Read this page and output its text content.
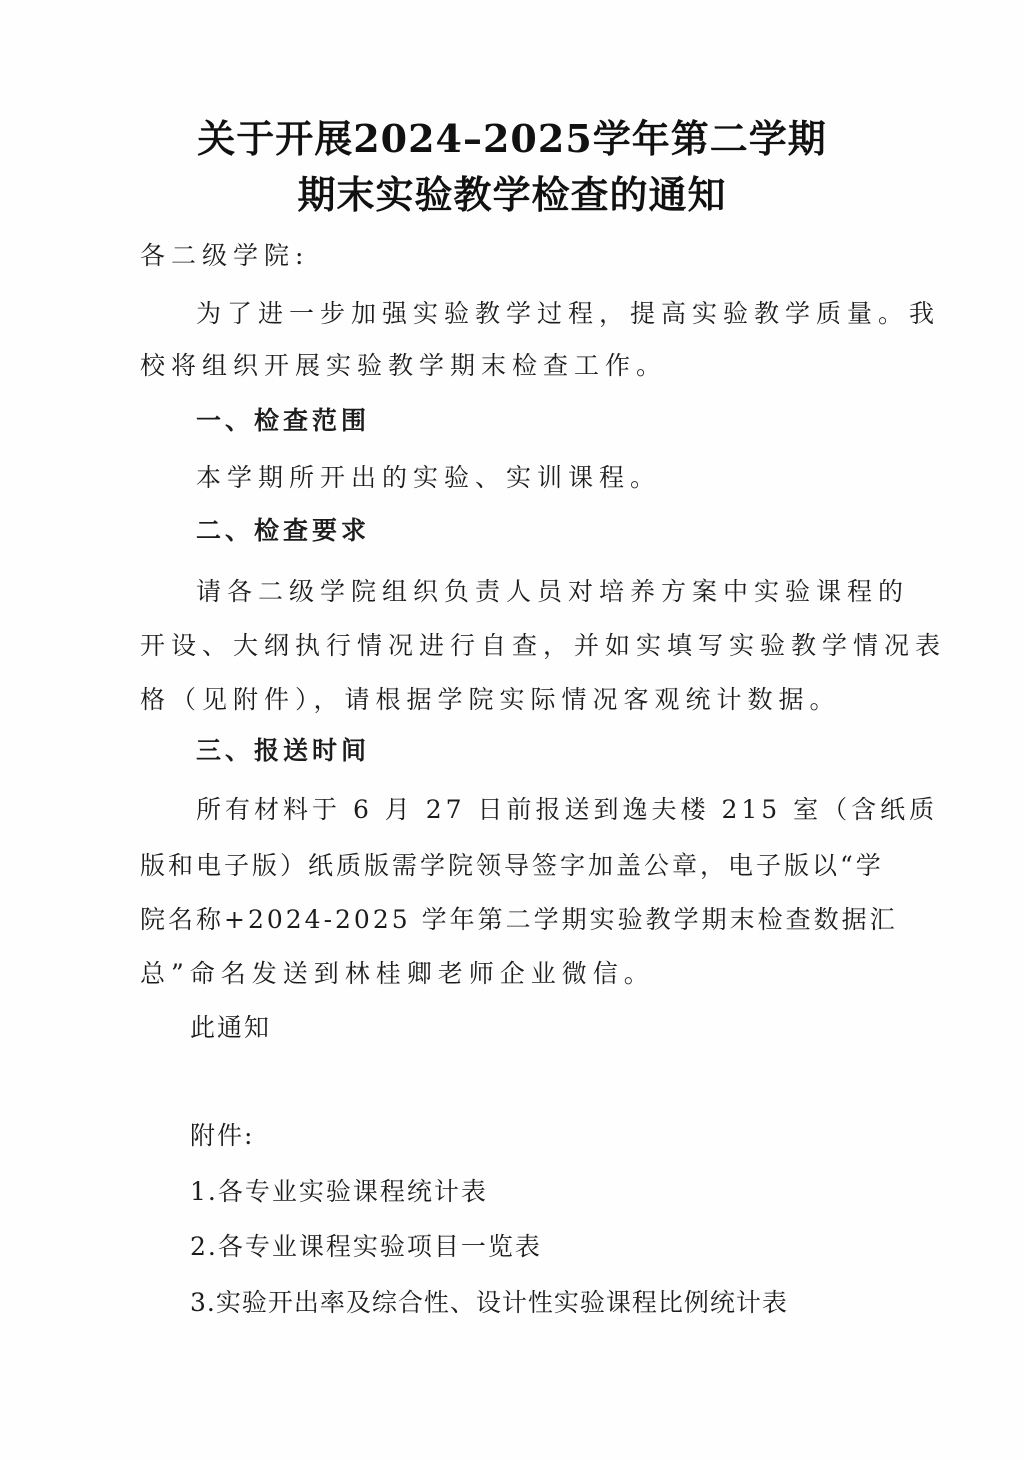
关于开展2024–2025学年第二学期
期末实验教学检查的通知

各二级学院:

为了进一步加强实验教学过程，提高实验教学质量。我

校将组织开展实验教学期末检查工作。

一、检查范围

本学期所开出的实验、实训课程。

二、检查要求

请各二级学院组织负责人员对培养方案中实验课程的

开设、大纲执行情况进行自查，并如实填写实验教学情况表

格（见附件），请根据学院实际情况客观统计数据。

三、报送时间

所有材料于 6 月 27 日前报送到逸夫楼 215 室（含纸质

版和电子版）纸质版需学院领导签字加盖公章，电子版以“学

院名称+2024-2025 学年第二学期实验教学期末检查数据汇

总”命名发送到林桂卿老师企业微信。

此通知

附件:

1.各专业实验课程统计表

2.各专业课程实验项目一览表

3.实验开出率及综合性、设计性实验课程比例统计表
